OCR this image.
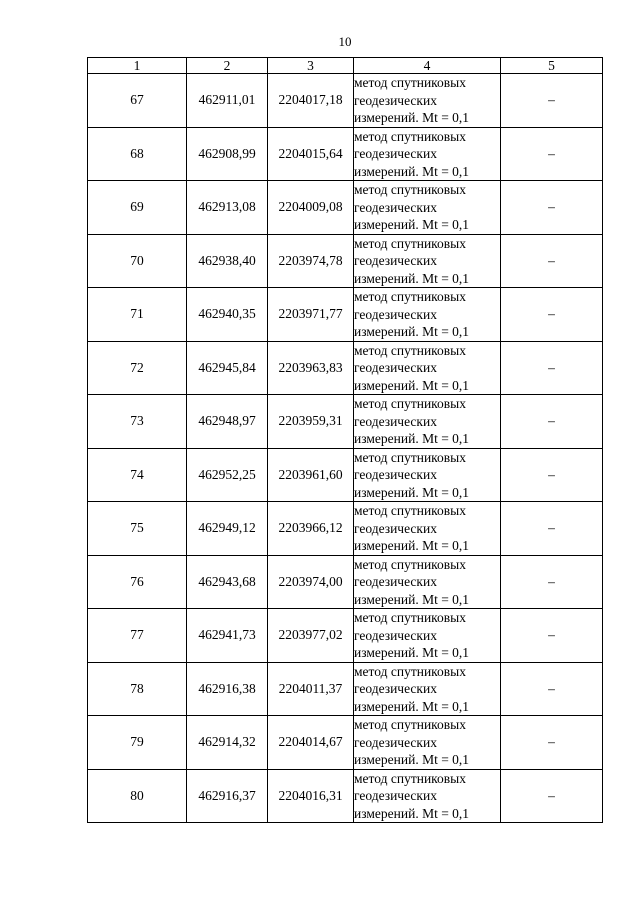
10
1	2	3	4	5
67	462911,01	2204017,18	метод спутниковых
геодезических
измерений. Mt = 0,1	–
68	462908,99	2204015,64	метод спутниковых
геодезических
измерений. Mt = 0,1	–
69	462913,08	2204009,08	метод спутниковых
геодезических
измерений. Mt = 0,1	–
70	462938,40	2203974,78	метод спутниковых
геодезических
измерений. Mt = 0,1	–
71	462940,35	2203971,77	метод спутниковых
геодезических
измерений. Mt = 0,1	–
72	462945,84	2203963,83	метод спутниковых
геодезических
измерений. Mt = 0,1	–
73	462948,97	2203959,31	метод спутниковых
геодезических
измерений. Mt = 0,1	–
74	462952,25	2203961,60	метод спутниковых
геодезических
измерений. Mt = 0,1	–
75	462949,12	2203966,12	метод спутниковых
геодезических
измерений. Mt = 0,1	–
76	462943,68	2203974,00	метод спутниковых
геодезических
измерений. Mt = 0,1	–
77	462941,73	2203977,02	метод спутниковых
геодезических
измерений. Mt = 0,1	–
78	462916,38	2204011,37	метод спутниковых
геодезических
измерений. Mt = 0,1	–
79	462914,32	2204014,67	метод спутниковых
геодезических
измерений. Mt = 0,1	–
80	462916,37	2204016,31	метод спутниковых
геодезических
измерений. Mt = 0,1	–
